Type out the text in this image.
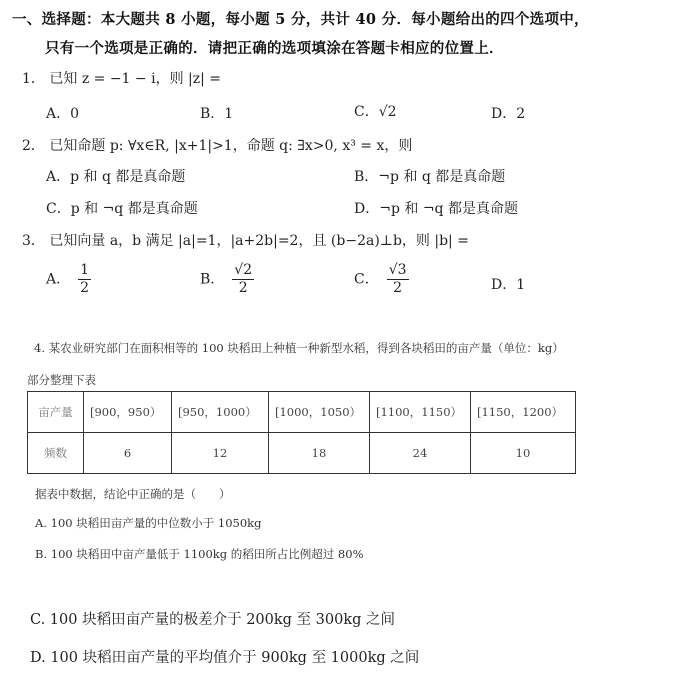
一、选择题：本大题共 8 小题，每小题 5 分，共计 40 分．每小题给出的四个选项中，
只有一个选项是正确的．请把正确的选项填涂在答题卡相应的位置上．
1． 已知 z = −1 − i，则 |z| =
A．0	B．1	C．√2	D．2
2． 已知命题 p: ∀x∈R, |x+1|>1，命题 q: ∃x>0, x³ = x，则
A．p 和 q 都是真命题	B．¬p 和 q 都是真命题
C．p 和 ¬q 都是真命题	D．¬p 和 ¬q 都是真命题
3． 已知向量 a，b 满足 |a|=1，|a+2b|=2，且 (b−2a)⊥b，则 |b| =
A． $\frac{1}{2}$	B． $\frac{√2}{2}$	C． $\frac{√3}{2}$	D．1
4. 某农业研究部门在面积相等的 100 块稻田上种植一种新型水稻，得到各块稻田的亩产量（单位：kg）
部分整理下表
亩产量	[900，950）	[950，1000）	[1000，1050）	[1100，1150）	[1150，1200）
频数	6	12	18	24	10
据表中数据，结论中正确的是（　　）
A. 100 块稻田亩产量的中位数小于 1050kg
B. 100 块稻田中亩产量低于 1100kg 的稻田所占比例超过 80%
C. 100 块稻田亩产量的极差介于 200kg 至 300kg 之间
D. 100 块稻田亩产量的平均值介于 900kg 至 1000kg 之间
